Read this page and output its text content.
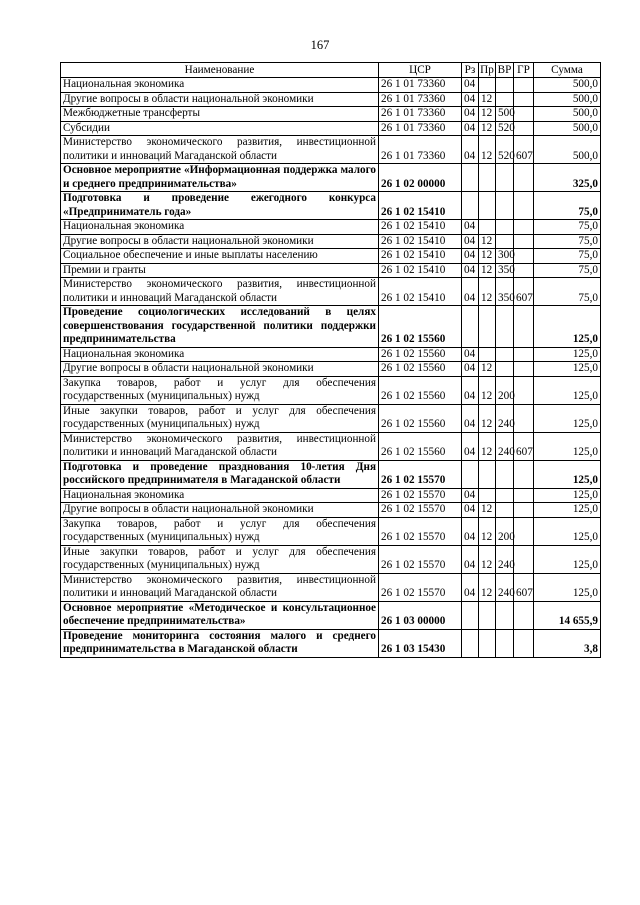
167
Наименование	ЦСР	Рз	Пр	ВР	ГР	Сумма
Национальная экономика	26 1 01 73360	04				500,0
Другие вопросы в области национальной экономики	26 1 01 73360	04	12			500,0
Межбюджетные трансферты	26 1 01 73360	04	12	500		500,0
Субсидии	26 1 01 73360	04	12	520		500,0
Министерство экономического развития, инвестиционной политики и инноваций Магаданской области	26 1 01 73360	04	12	520	607	500,0
Основное мероприятие «Информационная поддержка малого и среднего предпринимательства»	26 1 02 00000					325,0
Подготовка и проведение ежегодного конкурса «Предприниматель года»	26 1 02 15410					75,0
Национальная экономика	26 1 02 15410	04				75,0
Другие вопросы в области национальной экономики	26 1 02 15410	04	12			75,0
Социальное обеспечение и иные выплаты населению	26 1 02 15410	04	12	300		75,0
Премии и гранты	26 1 02 15410	04	12	350		75,0
Министерство экономического развития, инвестиционной политики и инноваций Магаданской области	26 1 02 15410	04	12	350	607	75,0
Проведение социологических исследований в целях совершенствования государственной политики поддержки предпринимательства	26 1 02 15560					125,0
Национальная экономика	26 1 02 15560	04				125,0
Другие вопросы в области национальной экономики	26 1 02 15560	04	12			125,0
Закупка товаров, работ и услуг для обеспечения государственных (муниципальных) нужд	26 1 02 15560	04	12	200		125,0
Иные закупки товаров, работ и услуг для обеспечения государственных (муниципальных) нужд	26 1 02 15560	04	12	240		125,0
Министерство экономического развития, инвестиционной политики и инноваций Магаданской области	26 1 02 15560	04	12	240	607	125,0
Подготовка и проведение празднования 10-летия Дня российского предпринимателя в Магаданской области	26 1 02 15570					125,0
Национальная экономика	26 1 02 15570	04				125,0
Другие вопросы в области национальной экономики	26 1 02 15570	04	12			125,0
Закупка товаров, работ и услуг для обеспечения государственных (муниципальных) нужд	26 1 02 15570	04	12	200		125,0
Иные закупки товаров, работ и услуг для обеспечения государственных (муниципальных) нужд	26 1 02 15570	04	12	240		125,0
Министерство экономического развития, инвестиционной политики и инноваций Магаданской области	26 1 02 15570	04	12	240	607	125,0
Основное мероприятие «Методическое и консультационное обеспечение предпринимательства»	26 1 03 00000					14 655,9
Проведение мониторинга состояния малого и среднего предпринимательства в Магаданской области	26 1 03 15430					3,8
